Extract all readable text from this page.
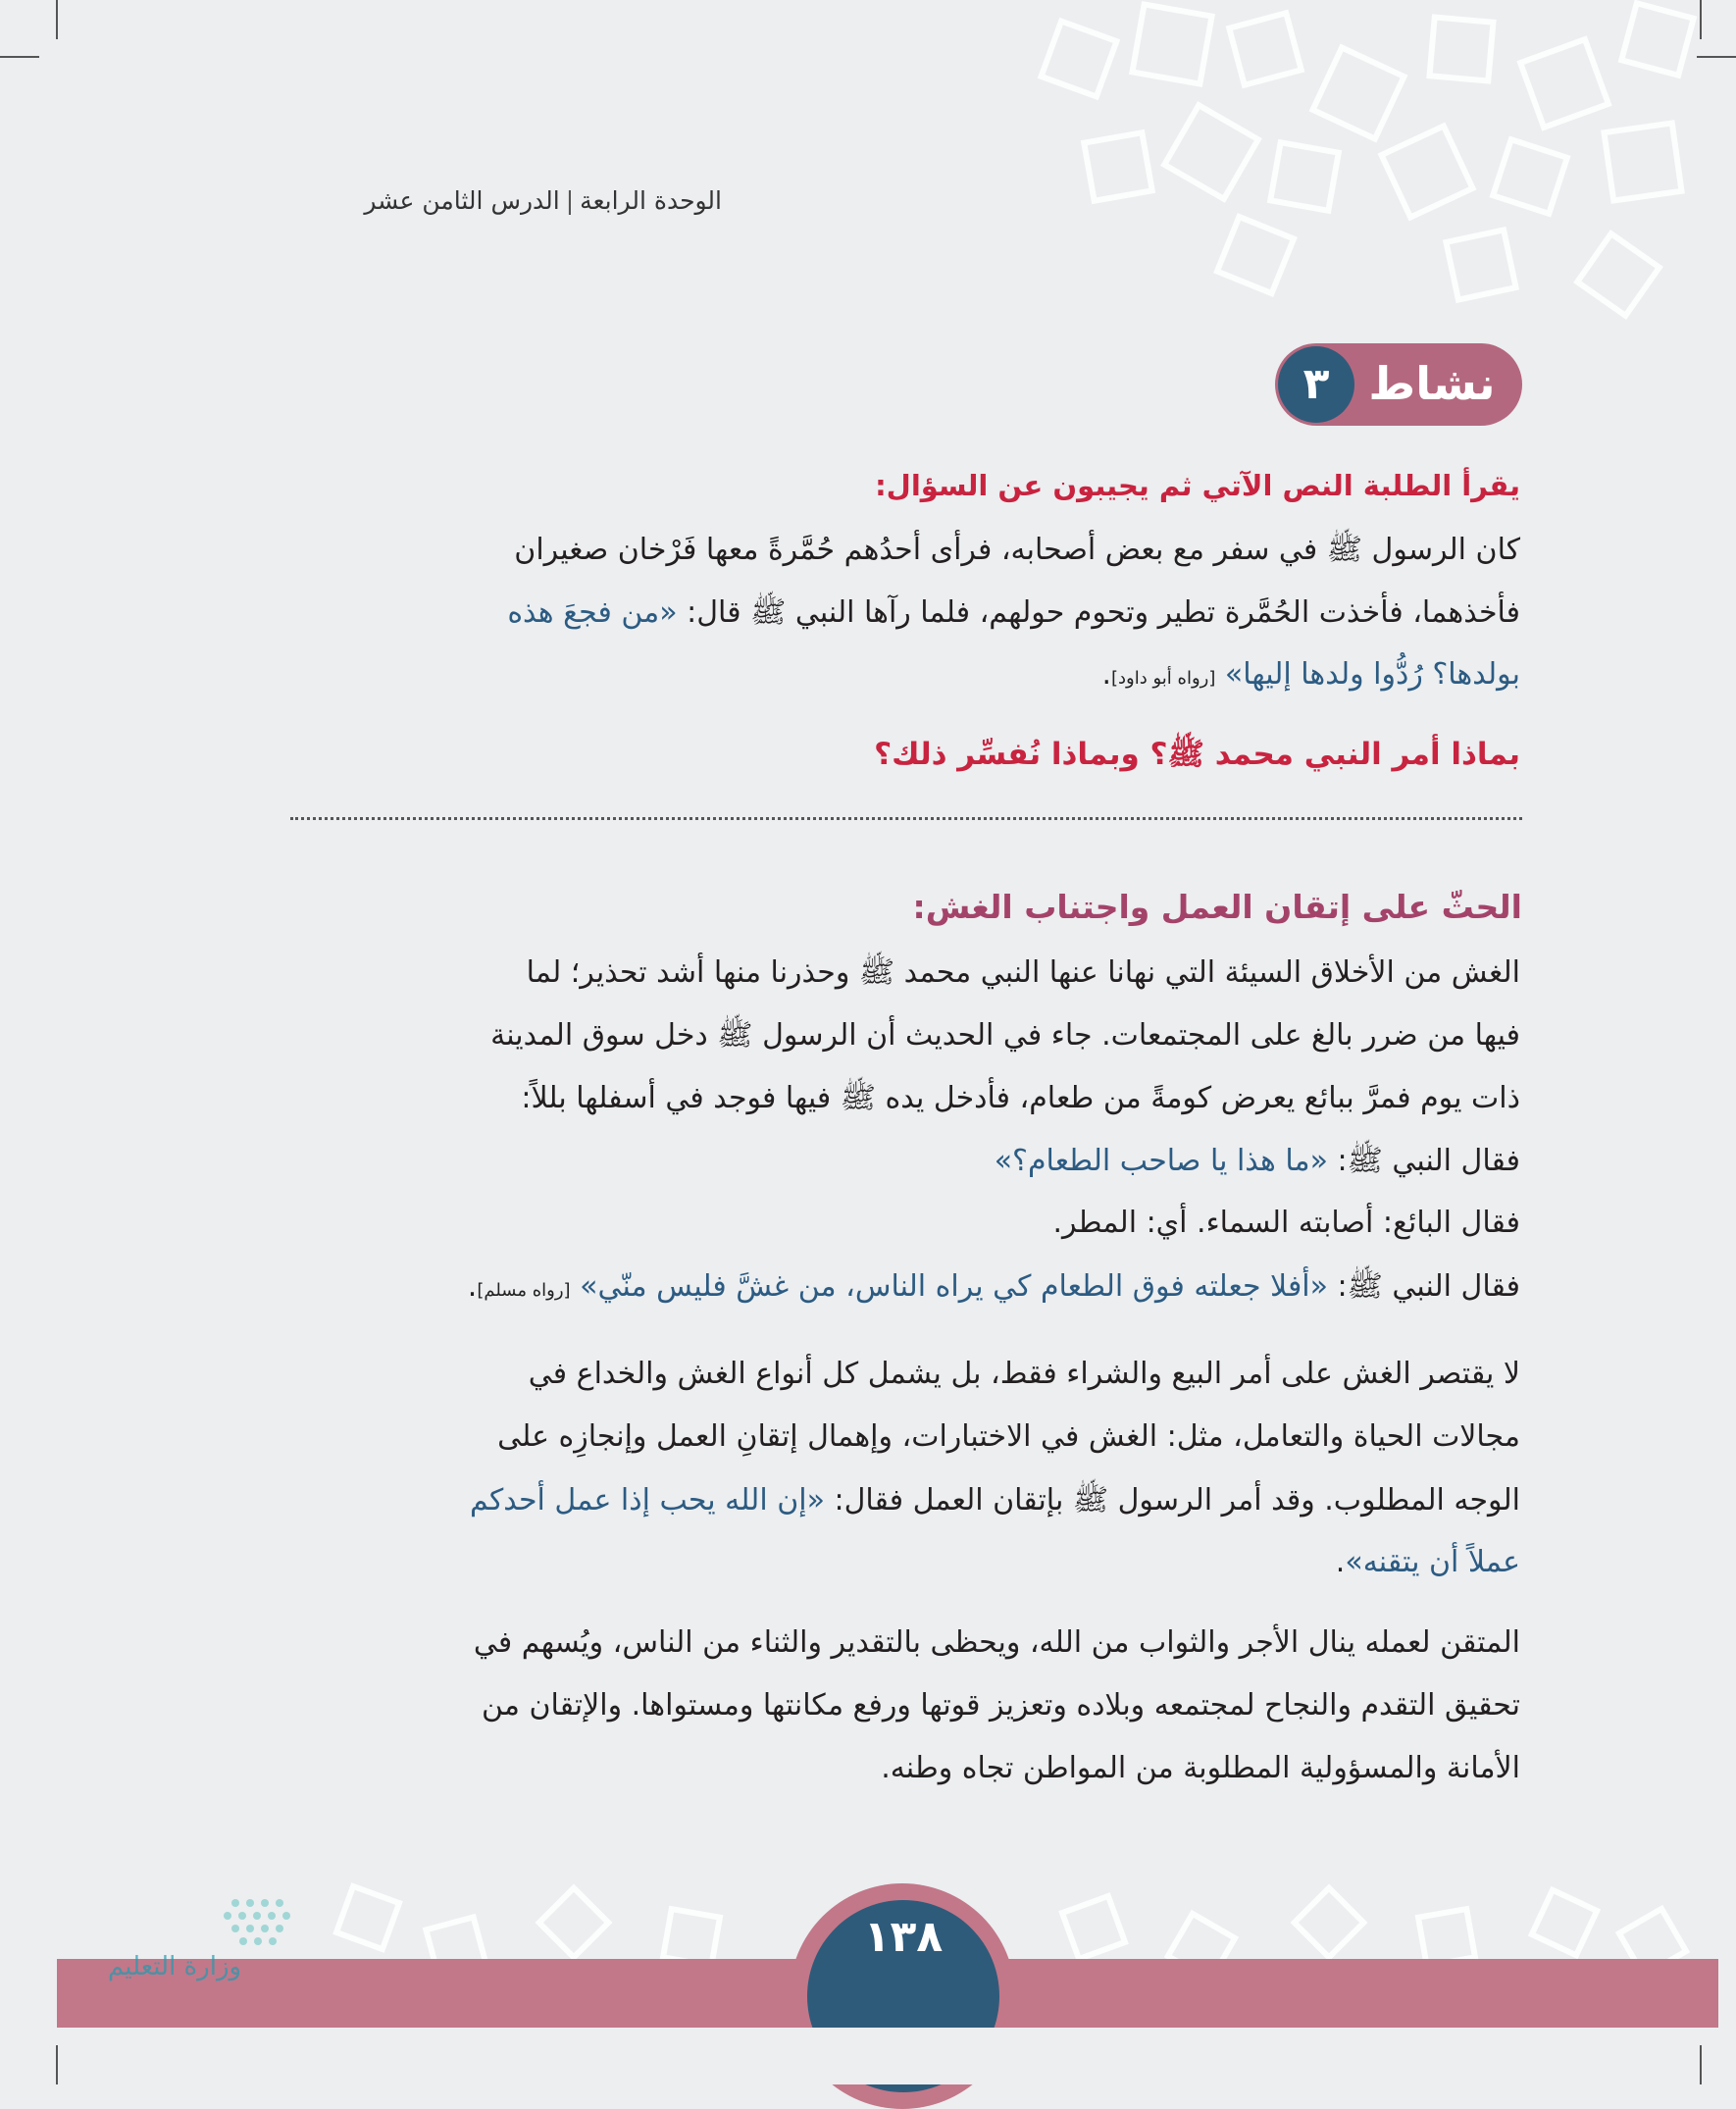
الوحدة الرابعة|الدرس الثامن عشر
نشاط
٣
يقرأ الطلبة النص الآتي ثم يجيبون عن السؤال:
كان الرسول ﷺ في سفر مع بعض أصحابه، فرأى أحدُهم حُمَّرةً معها فَرْخان صغيران
فأخذهما، فأخذت الحُمَّرة تطير وتحوم حولهم، فلما رآها النبي ﷺ قال: «من فجعَ هذه
بولدها؟ رُدُّوا ولدها إليها» [رواه أبو داود].
بماذا أمر النبي محمد ﷺ؟ وبماذا نُفسِّر ذلك؟
الحثّ على إتقان العمل واجتناب الغش:
الغش من الأخلاق السيئة التي نهانا عنها النبي محمد ﷺ وحذرنا منها أشد تحذير؛ لما
فيها من ضرر بالغ على المجتمعات. جاء في الحديث أن الرسول ﷺ دخل سوق المدينة
ذات يوم فمرَّ ببائع يعرض كومةً من طعام، فأدخل يده ﷺ فيها فوجد في أسفلها بللاً:
فقال النبي ﷺ: «ما هذا يا صاحب الطعام؟»
فقال البائع: أصابته السماء. أي: المطر.
فقال النبي ﷺ: «أفلا جعلته فوق الطعام كي يراه الناس، من غشَّ فليس منّي» [رواه مسلم].
لا يقتصر الغش على أمر البيع والشراء فقط، بل يشمل كل أنواع الغش والخداع في
مجالات الحياة والتعامل، مثل: الغش في الاختبارات، وإهمال إتقانِ العمل وإنجازِه على
الوجه المطلوب. وقد أمر الرسول ﷺ بإتقان العمل فقال: «إن الله يحب إذا عمل أحدكم
عملاً أن يتقنه».
المتقن لعمله ينال الأجر والثواب من الله، ويحظى بالتقدير والثناء من الناس، ويُسهم في
تحقيق التقدم والنجاح لمجتمعه وبلاده وتعزيز قوتها ورفع مكانتها ومستواها. والإتقان من
الأمانة والمسؤولية المطلوبة من المواطن تجاه وطنه.
١٣٨
وزارة التعليم
